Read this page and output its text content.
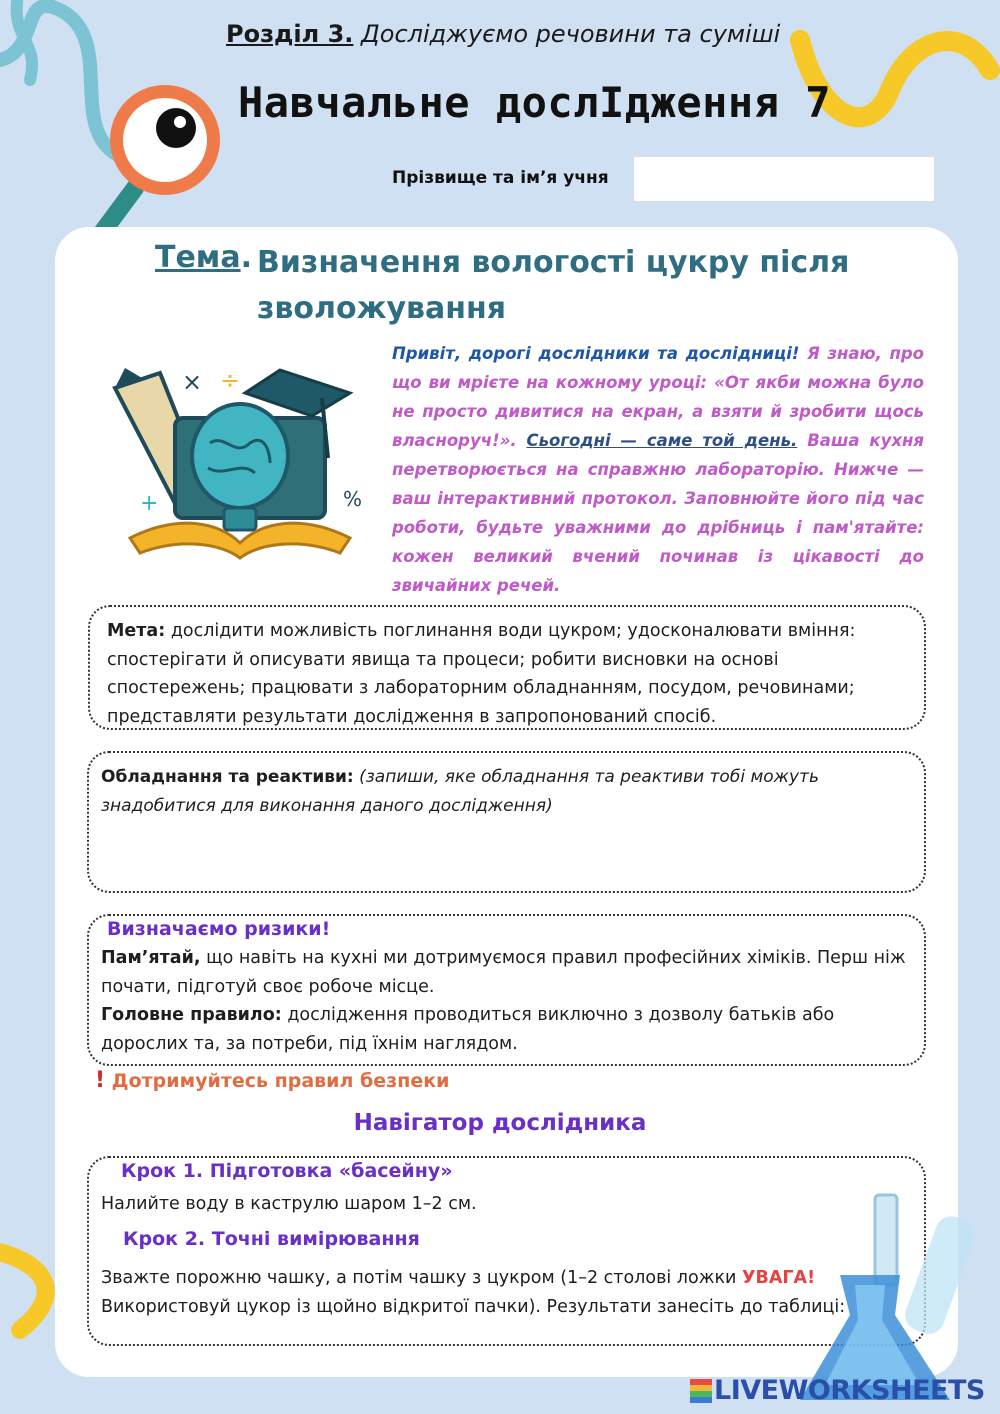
Розділ 3. Досліджуємо речовини та суміші
Навчальне дослIдження 7
Прізвище та ім’я учня
Тема. Визначення вологості цукру після зволожування
× ÷
+	%
Привіт, дорогі дослідники та дослідниці! Я знаю, про що ви мрієте на кожному уроці: «От якби можна було не просто дивитися на екран, а взяти й зробити щось власноруч!». Сьогодні — саме той день. Ваша кухня перетворюється на справжню лабораторію. Нижче — ваш інтерактивний протокол. Заповнюйте його під час роботи, будьте уважними до дрібниць і пам'ятайте: кожен великий вчений починав із цікавості до звичайних речей.
Мета: дослідити можливість поглинання води цукром; удосконалювати вміння: спостерігати й описувати явища та процеси; робити висновки на основі спостережень; працювати з лабораторним обладнанням, посудом, речовинами; представляти результати дослідження в запропонований спосіб.
Обладнання та реактиви: (запиши, яке обладнання та реактиви тобі можуть знадобитися для виконання даного дослідження)
Визначаємо ризики!
Пам’ятай, що навіть на кухні ми дотримуємося правил професійних хіміків. Перш ніж почати, підготуй своє робоче місце.
Головне правило: дослідження проводиться виключно з дозволу батьків або дорослих та, за потреби, під їхнім наглядом.
! Дотримуйтесь правил безпеки
Навігатор дослідника
Крок 1. Підготовка «басейну»
Налийте воду в каструлю шаром 1–2 см.
Крок 2. Точні вимірювання
Зважте порожню чашку, а потім чашку з цукром (1–2 столові ложки УВАГА! Використовуй цукор із щойно відкритої пачки). Результати занесіть до таблиці:
LIVEWORKSHEETS
